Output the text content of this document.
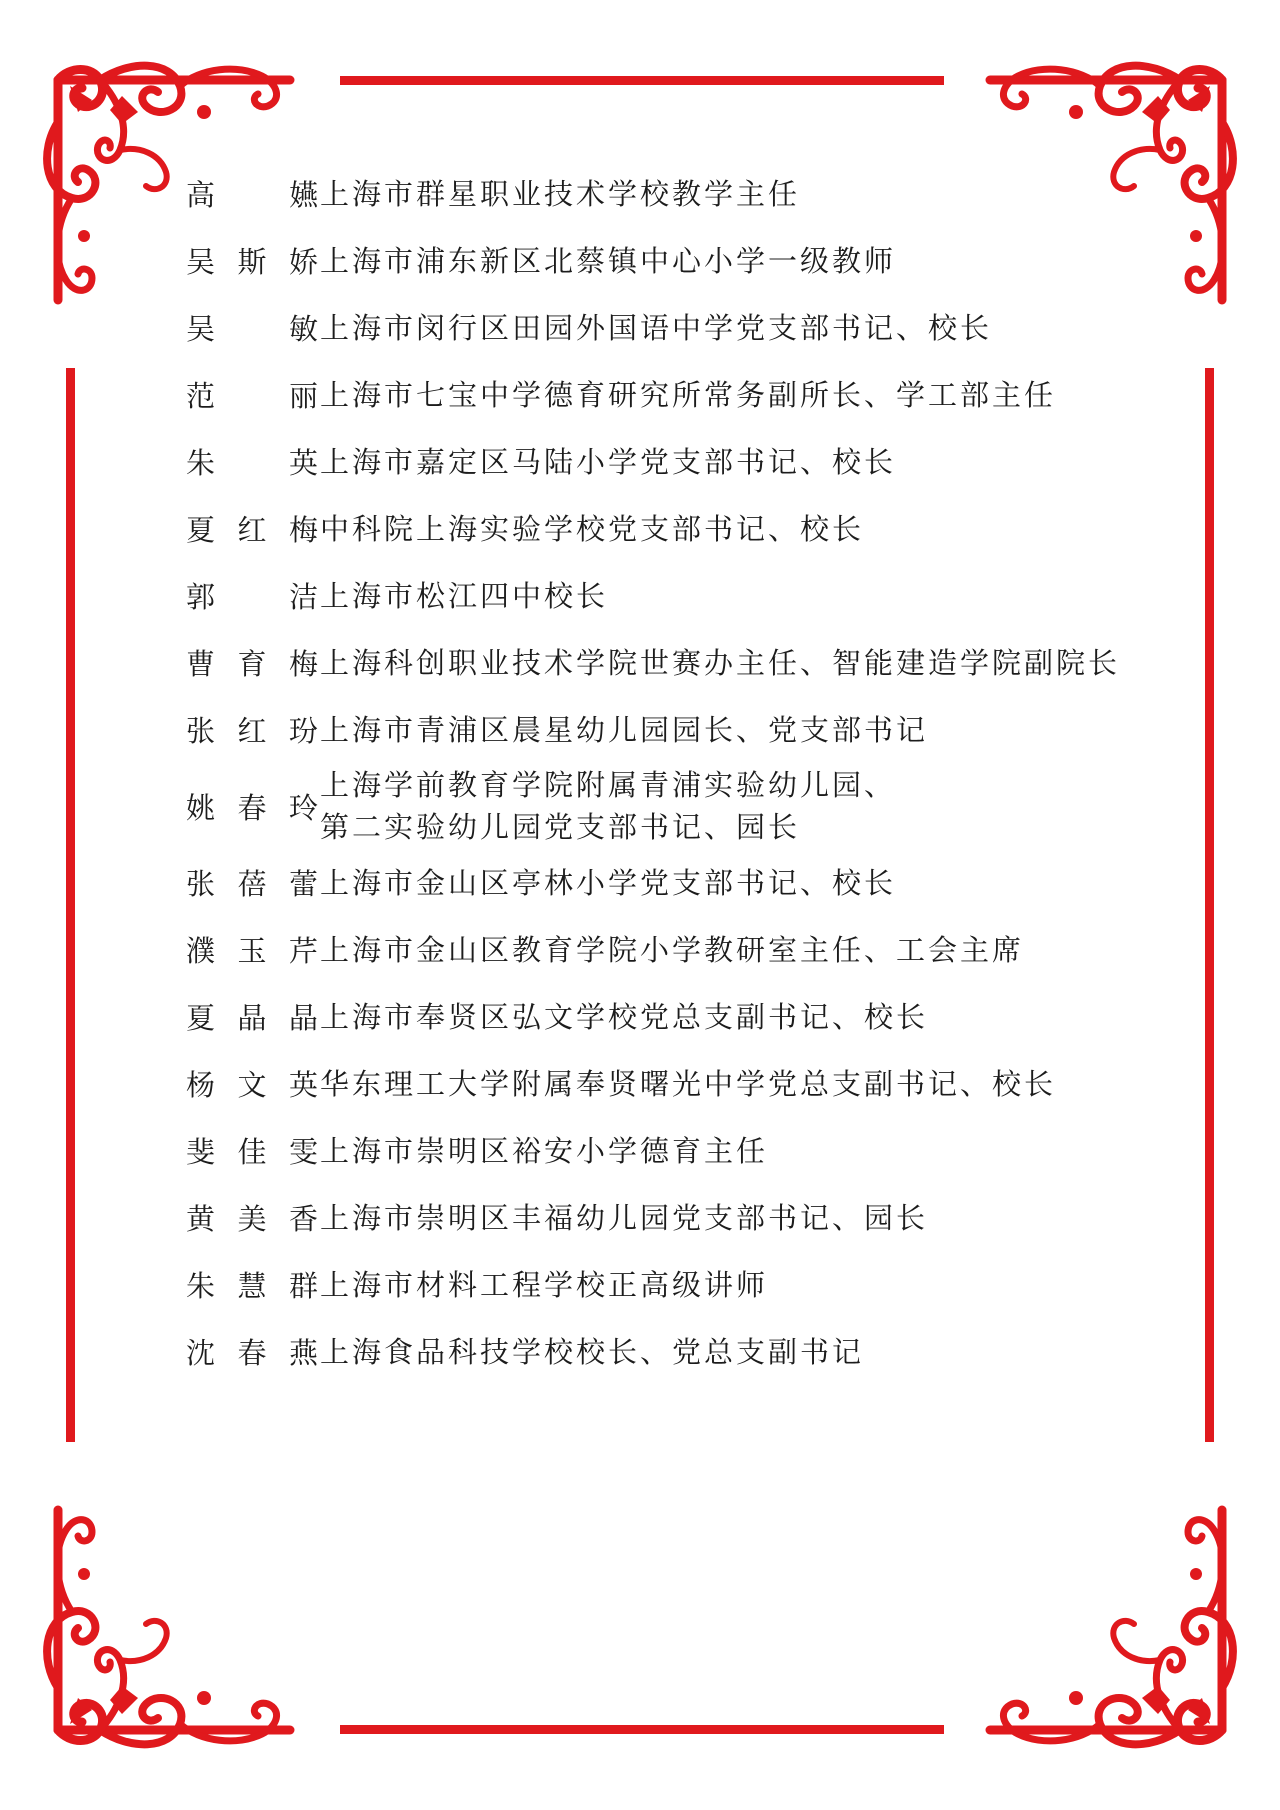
高　嬿 上海市群星职业技术学校教学主任
吴斯娇 上海市浦东新区北蔡镇中心小学一级教师
吴　敏 上海市闵行区田园外国语中学党支部书记、校长
范　丽 上海市七宝中学德育研究所常务副所长、学工部主任
朱　英 上海市嘉定区马陆小学党支部书记、校长
夏红梅 中科院上海实验学校党支部书记、校长
郭　洁 上海市松江四中校长
曹育梅 上海科创职业技术学院世赛办主任、智能建造学院副院长
张红玢 上海市青浦区晨星幼儿园园长、党支部书记
姚春玲
上海学前教育学院附属青浦实验幼儿园、
第二实验幼儿园党支部书记、园长
张蓓蕾 上海市金山区亭林小学党支部书记、校长
濮玉芹 上海市金山区教育学院小学教研室主任、工会主席
夏晶晶 上海市奉贤区弘文学校党总支副书记、校长
杨文英 华东理工大学附属奉贤曙光中学党总支副书记、校长
斐佳雯 上海市崇明区裕安小学德育主任
黄美香 上海市崇明区丰福幼儿园党支部书记、园长
朱慧群 上海市材料工程学校正高级讲师
沈春燕 上海食品科技学校校长、党总支副书记
